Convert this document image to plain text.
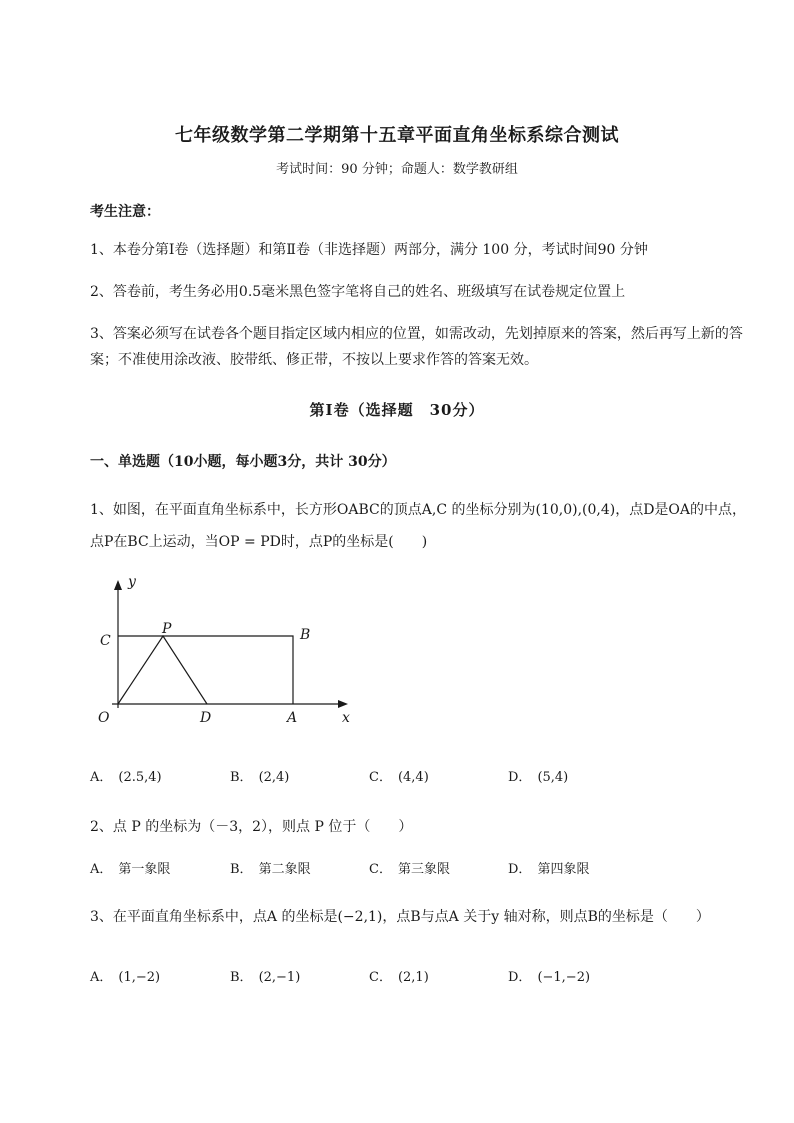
七年级数学第二学期第十五章平面直角坐标系综合测试
考试时间：90 分钟；命题人：数学教研组
考生注意：
1、本卷分第Ⅰ卷（选择题）和第Ⅱ卷（非选择题）两部分，满分 100 分，考试时间90 分钟
2、答卷前，考生务必用0.5毫米黑色签字笔将自己的姓名、班级填写在试卷规定位置上
3、答案必须写在试卷各个题目指定区域内相应的位置，如需改动，先划掉原来的答案，然后再写上新的答案；不准使用涂改液、胶带纸、修正带，不按以上要求作答的答案无效。
第Ⅰ卷（选择题　30分）
一、单选题（10小题，每小题3分，共计 30分）
1、如图，在平面直角坐标系中，长方形OABC的顶点A,C 的坐标分别为(10,0),(0,4)，点D是OA的中点，点P在BC上运动，当OP = PD时，点P的坐标是(　　)
y
x
C
P	B
O	D	A
A． (2.5,4)	B． (2,4)	C． (4,4)	D． (5,4)
2、点 P 的坐标为（－3，2），则点 P 位于（　　）
A． 第一象限	B． 第二象限	C． 第三象限	D． 第四象限
3、在平面直角坐标系中，点A 的坐标是(−2,1)，点B与点A 关于y 轴对称，则点B的坐标是（　　）
A． (1,−2)	B． (2,−1)	C． (2,1)	D． (−1,−2)
